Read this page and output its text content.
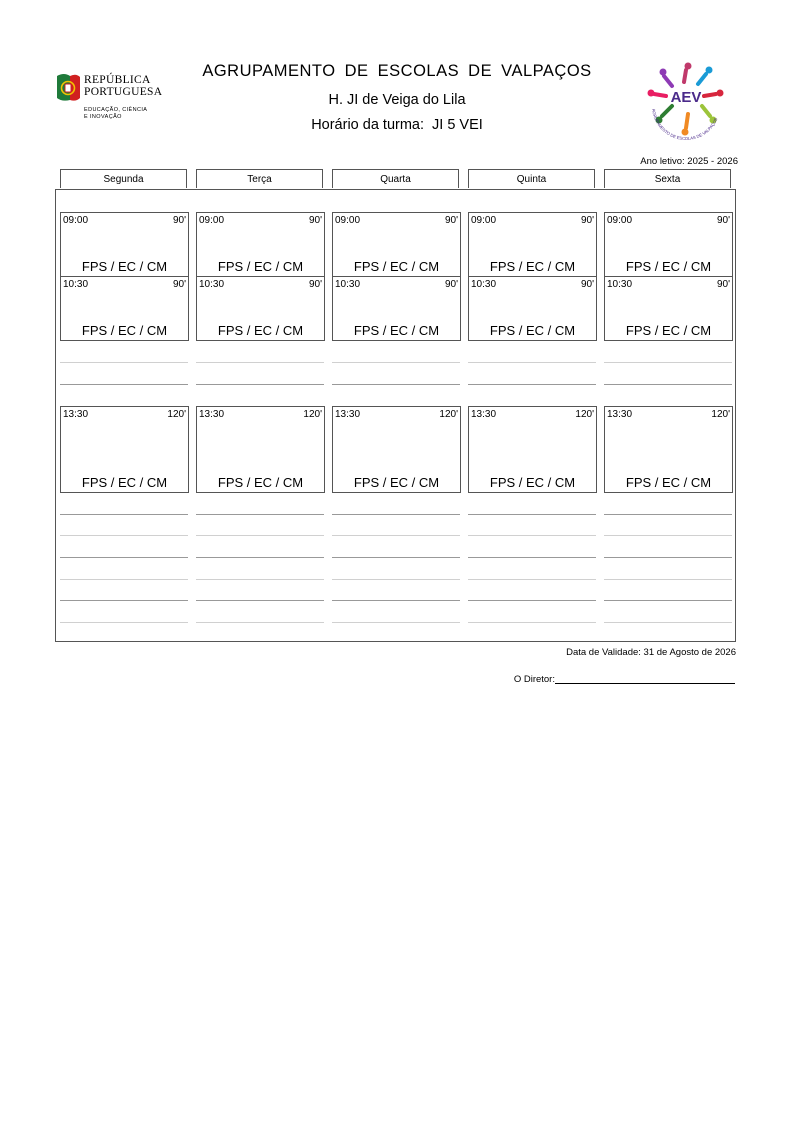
REPÚBLICA
PORTUGUESA
EDUCAÇÃO, CIÊNCIA
E INOVAÇÃO
AGRUPAMENTO DE ESCOLAS DE VALPAÇOS
H. JI de Veiga do Lila
Horário da turma: JI 5 VEI
AEV
AGRUPAMENTO DE ESCOLAS DE VALPAÇOS
Ano letivo: 2025 - 2026
Segunda	Terça	Quarta	Quinta	Sexta
09:00	90'
FPS / EC / CM
09:00	90'
FPS / EC / CM
09:00	90'
FPS / EC / CM
09:00	90'
FPS / EC / CM
09:00	90'
FPS / EC / CM
10:30	90'
FPS / EC / CM
10:30	90'
FPS / EC / CM
10:30	90'
FPS / EC / CM
10:30	90'
FPS / EC / CM
10:30	90'
FPS / EC / CM
13:30	120'
FPS / EC / CM
13:30	120'
FPS / EC / CM
13:30	120'
FPS / EC / CM
13:30	120'
FPS / EC / CM
13:30	120'
FPS / EC / CM
Data de Validade: 31 de Agosto de 2026
O Diretor:
